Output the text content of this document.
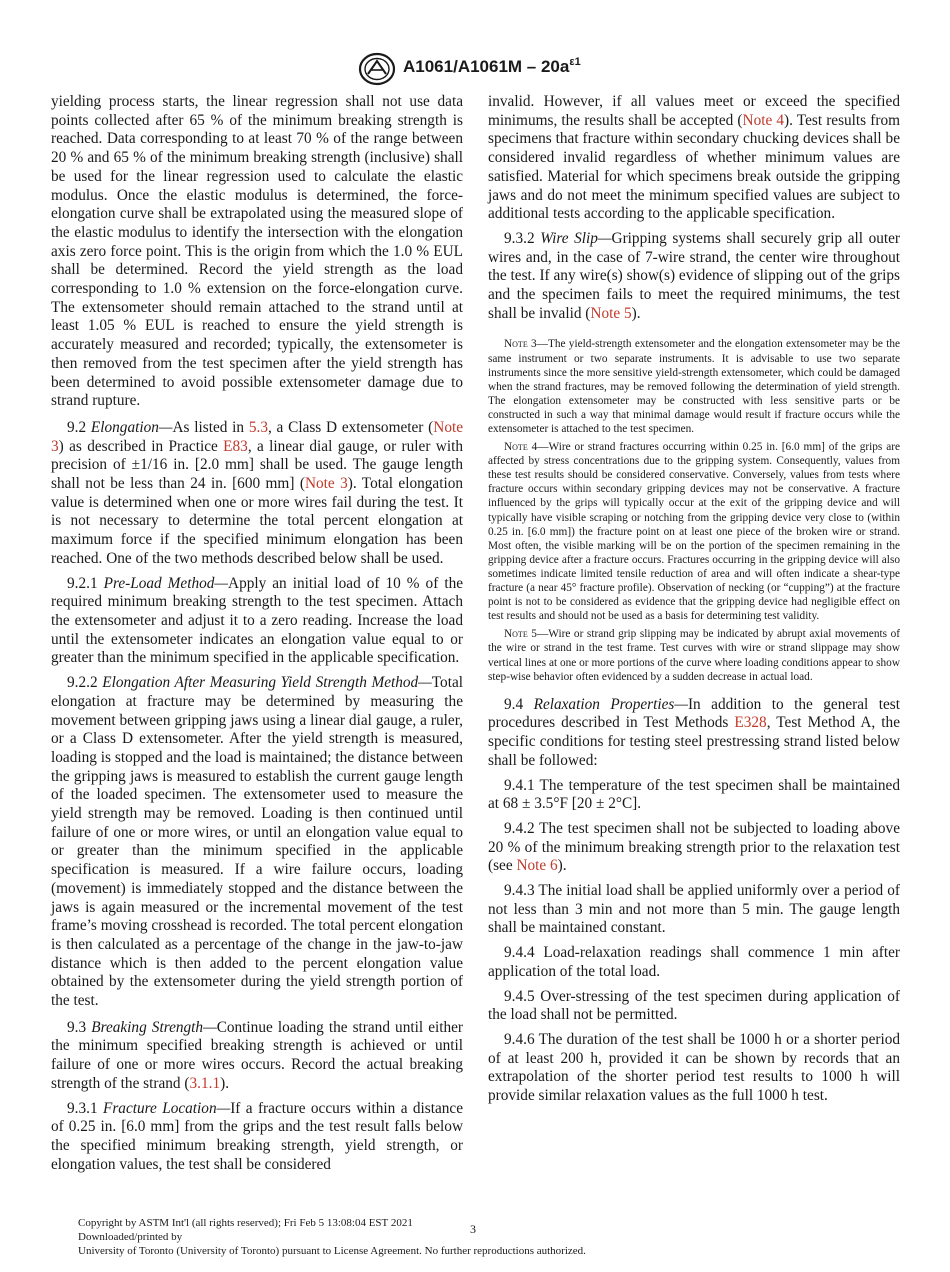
$A1061/A1061M - 20a^{\varepsilon 1}$

yielding process starts, the linear regression shall not use data points collected after 65 % of the minimum breaking strength is reached. Data corresponding to at least 70 % of the range between 20 % and 65 % of the minimum breaking strength (inclusive) shall be used for the linear regression used to calculate the elastic modulus. Once the elastic modulus is determined, the force-elongation curve shall be extrapolated using the measured slope of the elastic modulus to identify the intersection with the elongation axis zero force point. This is the origin from which the 1.0 % EUL shall be determined. Record the yield strength as the load corresponding to 1.0 % extension on the force-elongation curve. The extensometer should remain attached to the strand until at least 1.05 % EUL is reached to ensure the yield strength is accurately measured and recorded; typically, the extensometer is then removed from the test specimen after the yield strength has been determined to avoid possible extensometer damage due to strand rupture.

9.2 Elongation—As listed in 5.3, a Class D extensometer (Note 3) as described in Practice E83, a linear dial gauge, or ruler with precision of ±1/16 in. [2.0 mm] shall be used. The gauge length shall not be less than 24 in. [600 mm] (Note 3). Total elongation value is determined when one or more wires fail during the test. It is not necessary to determine the total percent elongation at maximum force if the specified minimum elongation has been reached. One of the two methods described below shall be used.

9.2.1 Pre-Load Method—Apply an initial load of 10 % of the required minimum breaking strength to the test specimen. Attach the extensometer and adjust it to a zero reading. Increase the load until the extensometer indicates an elongation value equal to or greater than the minimum specified in the applicable specification.

9.2.2 Elongation After Measuring Yield Strength Method—Total elongation at fracture may be determined by measuring the movement between gripping jaws using a linear dial gauge, a ruler, or a Class D extensometer. After the yield strength is measured, loading is stopped and the load is maintained; the distance between the gripping jaws is measured to establish the current gauge length of the loaded specimen. The extensometer used to measure the yield strength may be removed. Loading is then continued until failure of one or more wires, or until an elongation value equal to or greater than the minimum specified in the applicable specification is measured. If a wire failure occurs, loading (movement) is immediately stopped and the distance between the jaws is again measured or the incremental movement of the test frame’s moving crosshead is recorded. The total percent elongation is then calculated as a percentage of the change in the jaw-to-jaw distance which is then added to the percent elongation value obtained by the extensometer during the yield strength portion of the test.

9.3 Breaking Strength—Continue loading the strand until either the minimum specified breaking strength is achieved or until failure of one or more wires occurs. Record the actual breaking strength of the strand (3.1.1).

9.3.1 Fracture Location—If a fracture occurs within a distance of 0.25 in. [6.0 mm] from the grips and the test result falls below the specified minimum breaking strength, yield strength, or elongation values, the test shall be considered

invalid. However, if all values meet or exceed the specified minimums, the results shall be accepted (Note 4). Test results from specimens that fracture within secondary chucking devices shall be considered invalid regardless of whether minimum values are satisfied. Material for which specimens break outside the gripping jaws and do not meet the minimum specified values are subject to additional tests according to the applicable specification.

9.3.2 Wire Slip—Gripping systems shall securely grip all outer wires and, in the case of 7-wire strand, the center wire throughout the test. If any wire(s) show(s) evidence of slipping out of the grips and the specimen fails to meet the required minimums, the test shall be invalid (Note 5).

Note 3—The yield-strength extensometer and the elongation extensometer may be the same instrument or two separate instruments. It is advisable to use two separate instruments since the more sensitive yield-strength extensometer, which could be damaged when the strand fractures, may be removed following the determination of yield strength. The elongation extensometer may be constructed with less sensitive parts or be constructed in such a way that minimal damage would result if fracture occurs while the extensometer is attached to the test specimen.

Note 4—Wire or strand fractures occurring within 0.25 in. [6.0 mm] of the grips are affected by stress concentrations due to the gripping system. Consequently, values from these test results should be considered conservative. Conversely, values from tests where fracture occurs within secondary gripping devices may not be conservative. A fracture influenced by the grips will typically occur at the exit of the gripping device and will typically have visible scraping or notching from the gripping device very close to (within 0.25 in. [6.0 mm]) the fracture point on at least one piece of the broken wire or strand. Most often, the visible marking will be on the portion of the specimen remaining in the gripping device after a fracture occurs. Fractures occurring in the gripping device will also sometimes indicate limited tensile reduction of area and will often indicate a shear-type fracture (a near 45° fracture profile). Observation of necking (or “cupping”) at the fracture point is not to be considered as evidence that the gripping device had negligible effect on test results and should not be used as a basis for determining test validity.

Note 5—Wire or strand grip slipping may be indicated by abrupt axial movements of the wire or strand in the test frame. Test curves with wire or strand slippage may show vertical lines at one or more portions of the curve where loading conditions appear to show step-wise behavior often evidenced by a sudden decrease in actual load.

9.4 Relaxation Properties—In addition to the general test procedures described in Test Methods E328, Test Method A, the specific conditions for testing steel prestressing strand listed below shall be followed:

9.4.1 The temperature of the test specimen shall be maintained at 68 ± 3.5°F [20 ± 2°C].

9.4.2 The test specimen shall not be subjected to loading above 20 % of the minimum breaking strength prior to the relaxation test (see Note 6).

9.4.3 The initial load shall be applied uniformly over a period of not less than 3 min and not more than 5 min. The gauge length shall be maintained constant.

9.4.4 Load-relaxation readings shall commence 1 min after application of the total load.

9.4.5 Over-stressing of the test specimen during application of the load shall not be permitted.

9.4.6 The duration of the test shall be 1000 h or a shorter period of at least 200 h, provided it can be shown by records that an extrapolation of the shorter period test results to 1000 h will provide similar relaxation values as the full 1000 h test.

3
Copyright by ASTM Int'l (all rights reserved); Fri Feb 5 13:08:04 EST 2021
Downloaded/printed by
University of Toronto (University of Toronto) pursuant to License Agreement. No further reproductions authorized.
